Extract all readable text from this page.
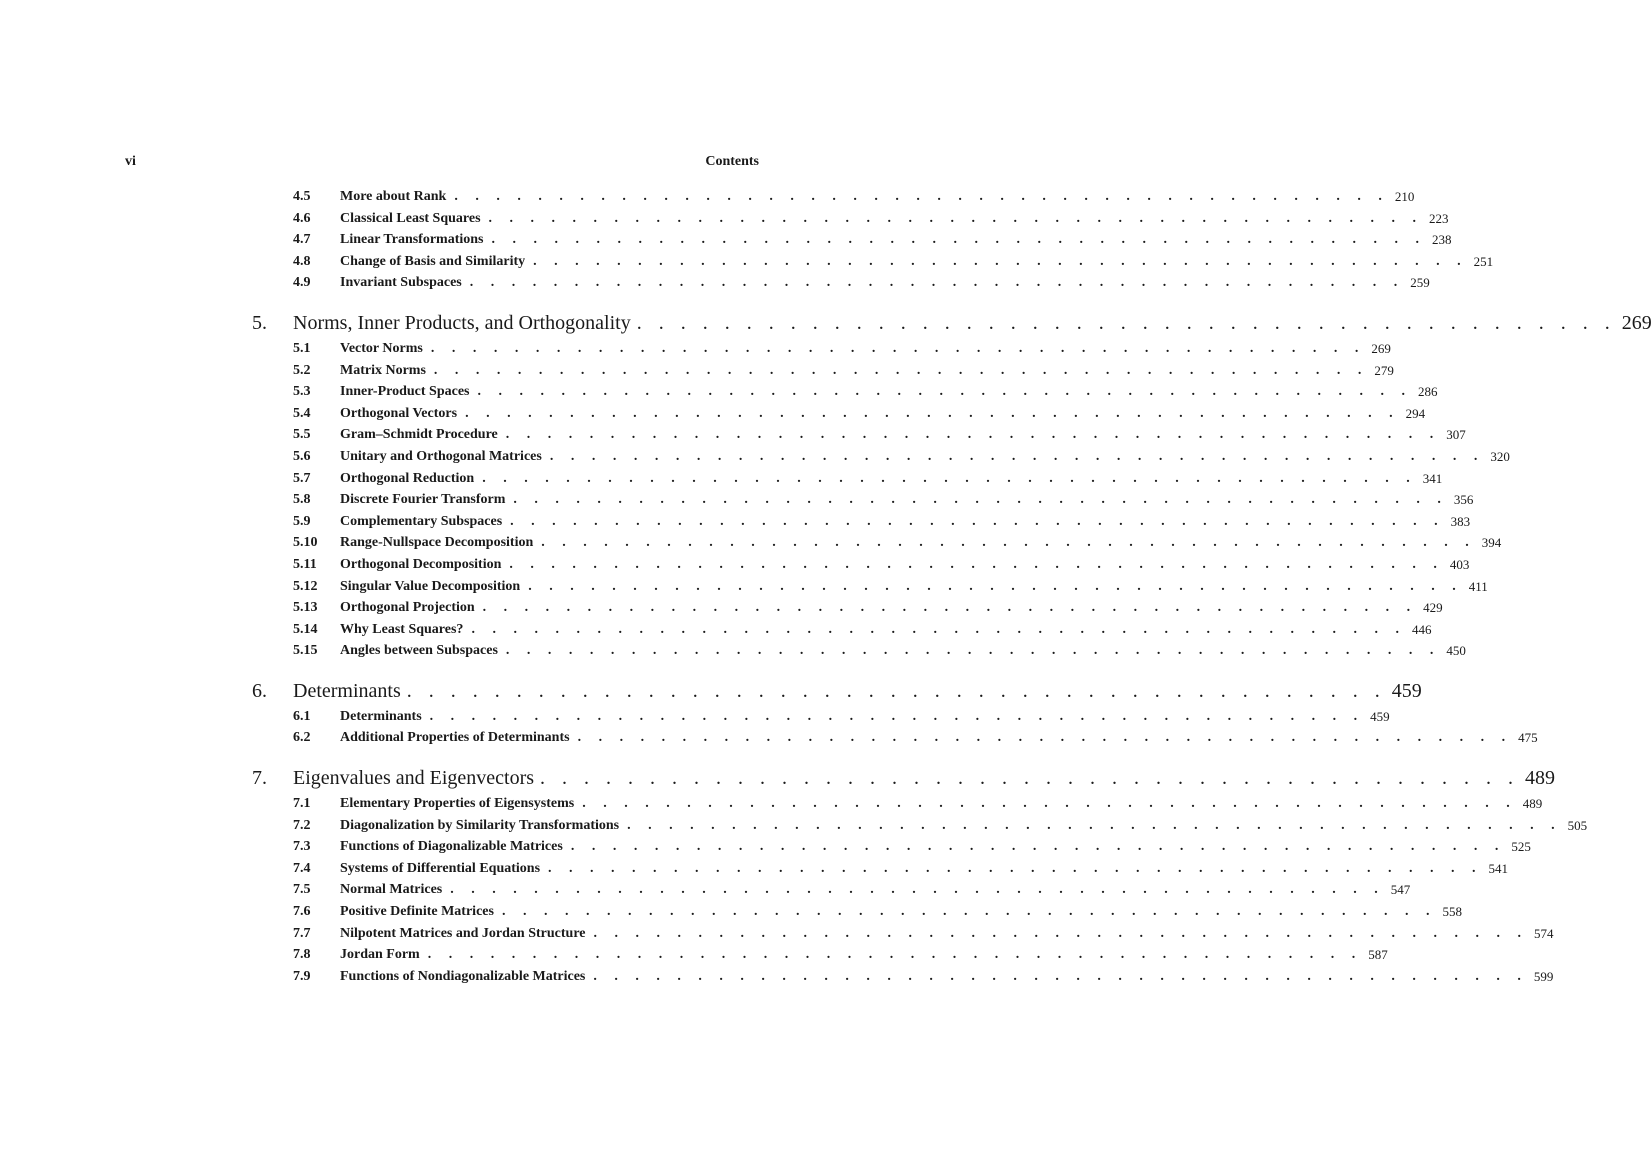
vi	Contents
4.5 More about Rank . . . . . . . . . . . . . . . . . . . . . . . . . . . . . . . . . . . . . . . . . . . . . 210
4.6 Classical Least Squares . . . . . . . . . . . . . . . . . . . . . . . . . . . . . . . . . . . . . . . . . . . . . 223
4.7 Linear Transformations . . . . . . . . . . . . . . . . . . . . . . . . . . . . . . . . . . . . . . . . . . . . . 238
4.8 Change of Basis and Similarity . . . . . . . . . . . . . . . . . . . . . . . . . . . . . . . . . . . . . . . . . . . . . 251
4.9 Invariant Subspaces . . . . . . . . . . . . . . . . . . . . . . . . . . . . . . . . . . . . . . . . . . . . . 259
5. Norms, Inner Products, and Orthogonality . . . . . . . . . . . . . . . . . . . . . . . . . . . . . . . . . . . . . . . . . . . . . 269
5.1 Vector Norms . . . . . . . . . . . . . . . . . . . . . . . . . . . . . . . . . . . . . . . . . . . . . 269
5.2 Matrix Norms . . . . . . . . . . . . . . . . . . . . . . . . . . . . . . . . . . . . . . . . . . . . . 279
5.3 Inner-Product Spaces . . . . . . . . . . . . . . . . . . . . . . . . . . . . . . . . . . . . . . . . . . . . . 286
5.4 Orthogonal Vectors . . . . . . . . . . . . . . . . . . . . . . . . . . . . . . . . . . . . . . . . . . . . . 294
5.5 Gram–Schmidt Procedure . . . . . . . . . . . . . . . . . . . . . . . . . . . . . . . . . . . . . . . . . . . . . 307
5.6 Unitary and Orthogonal Matrices . . . . . . . . . . . . . . . . . . . . . . . . . . . . . . . . . . . . . . . . . . . . . 320
5.7 Orthogonal Reduction . . . . . . . . . . . . . . . . . . . . . . . . . . . . . . . . . . . . . . . . . . . . . 341
5.8 Discrete Fourier Transform . . . . . . . . . . . . . . . . . . . . . . . . . . . . . . . . . . . . . . . . . . . . . 356
5.9 Complementary Subspaces . . . . . . . . . . . . . . . . . . . . . . . . . . . . . . . . . . . . . . . . . . . . . 383
5.10 Range-Nullspace Decomposition . . . . . . . . . . . . . . . . . . . . . . . . . . . . . . . . . . . . . . . . . . . . . 394
5.11 Orthogonal Decomposition . . . . . . . . . . . . . . . . . . . . . . . . . . . . . . . . . . . . . . . . . . . . . 403
5.12 Singular Value Decomposition . . . . . . . . . . . . . . . . . . . . . . . . . . . . . . . . . . . . . . . . . . . . . 411
5.13 Orthogonal Projection . . . . . . . . . . . . . . . . . . . . . . . . . . . . . . . . . . . . . . . . . . . . . 429
5.14 Why Least Squares? . . . . . . . . . . . . . . . . . . . . . . . . . . . . . . . . . . . . . . . . . . . . . 446
5.15 Angles between Subspaces . . . . . . . . . . . . . . . . . . . . . . . . . . . . . . . . . . . . . . . . . . . . . 450
6. Determinants . . . . . . . . . . . . . . . . . . . . . . . . . . . . . . . . . . . . . . . . . . . . . 459
6.1 Determinants . . . . . . . . . . . . . . . . . . . . . . . . . . . . . . . . . . . . . . . . . . . . . 459
6.2 Additional Properties of Determinants . . . . . . . . . . . . . . . . . . . . . . . . . . . . . . . . . . . . . . . . . . . . . 475
7. Eigenvalues and Eigenvectors . . . . . . . . . . . . . . . . . . . . . . . . . . . . . . . . . . . . . . . . . . . . . 489
7.1 Elementary Properties of Eigensystems . . . . . . . . . . . . . . . . . . . . . . . . . . . . . . . . . . . . . . . . . . . . . 489
7.2 Diagonalization by Similarity Transformations . . . . . . . . . . . . . . . . . . . . . . . . . . . . . . . . . . . . . . . . . . . . . 505
7.3 Functions of Diagonalizable Matrices . . . . . . . . . . . . . . . . . . . . . . . . . . . . . . . . . . . . . . . . . . . . . 525
7.4 Systems of Differential Equations . . . . . . . . . . . . . . . . . . . . . . . . . . . . . . . . . . . . . . . . . . . . . 541
7.5 Normal Matrices . . . . . . . . . . . . . . . . . . . . . . . . . . . . . . . . . . . . . . . . . . . . . 547
7.6 Positive Definite Matrices . . . . . . . . . . . . . . . . . . . . . . . . . . . . . . . . . . . . . . . . . . . . . 558
7.7 Nilpotent Matrices and Jordan Structure . . . . . . . . . . . . . . . . . . . . . . . . . . . . . . . . . . . . . . . . . . . . . 574
7.8 Jordan Form . . . . . . . . . . . . . . . . . . . . . . . . . . . . . . . . . . . . . . . . . . . . . 587
7.9 Functions of Nondiagonalizable Matrices . . . . . . . . . . . . . . . . . . . . . . . . . . . . . . . . . . . . . . . . . . . . . 599
